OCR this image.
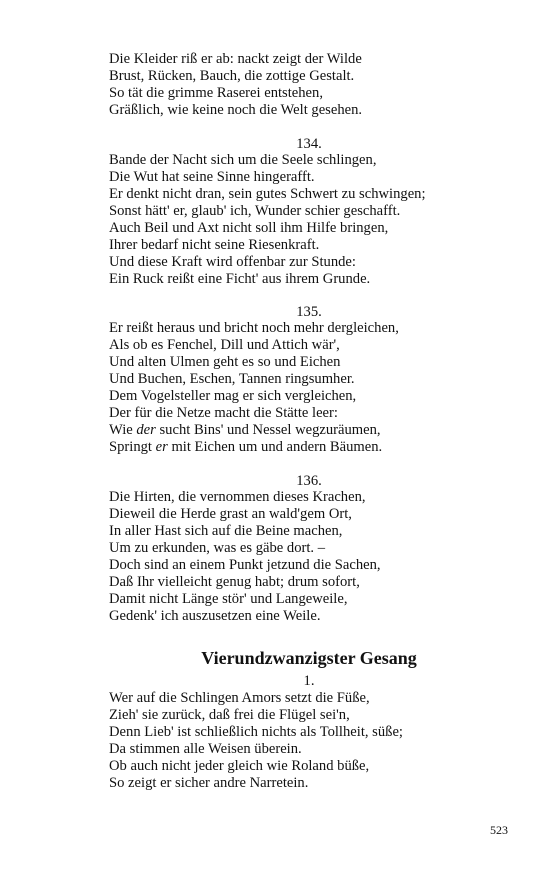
Die Kleider riß er ab: nackt zeigt der Wilde
Brust, Rücken, Bauch, die zottige Gestalt.
So tät die grimme Raserei entstehen,
Gräßlich, wie keine noch die Welt gesehen.
134.
Bande der Nacht sich um die Seele schlingen,
Die Wut hat seine Sinne hingerafft.
Er denkt nicht dran, sein gutes Schwert zu schwingen;
Sonst hätt' er, glaub' ich, Wunder schier geschafft.
Auch Beil und Axt nicht soll ihm Hilfe bringen,
Ihrer bedarf nicht seine Riesenkraft.
Und diese Kraft wird offenbar zur Stunde:
Ein Ruck reißt eine Ficht' aus ihrem Grunde.
135.
Er reißt heraus und bricht noch mehr dergleichen,
Als ob es Fenchel, Dill und Attich wär',
Und alten Ulmen geht es so und Eichen
Und Buchen, Eschen, Tannen ringsumher.
Dem Vogelsteller mag er sich vergleichen,
Der für die Netze macht die Stätte leer:
Wie der sucht Bins' und Nessel wegzuräumen,
Springt er mit Eichen um und andern Bäumen.
136.
Die Hirten, die vernommen dieses Krachen,
Dieweil die Herde grast an wald'gem Ort,
In aller Hast sich auf die Beine machen,
Um zu erkunden, was es gäbe dort. –
Doch sind an einem Punkt jetzund die Sachen,
Daß Ihr vielleicht genug habt; drum sofort,
Damit nicht Länge stör' und Langeweile,
Gedenk' ich auszusetzen eine Weile.
Vierundzwanzigster Gesang
1.
Wer auf die Schlingen Amors setzt die Füße,
Zieh' sie zurück, daß frei die Flügel sei'n,
Denn Lieb' ist schließlich nichts als Tollheit, süße;
Da stimmen alle Weisen überein.
Ob auch nicht jeder gleich wie Roland büße,
So zeigt er sicher andre Narretein.
523
